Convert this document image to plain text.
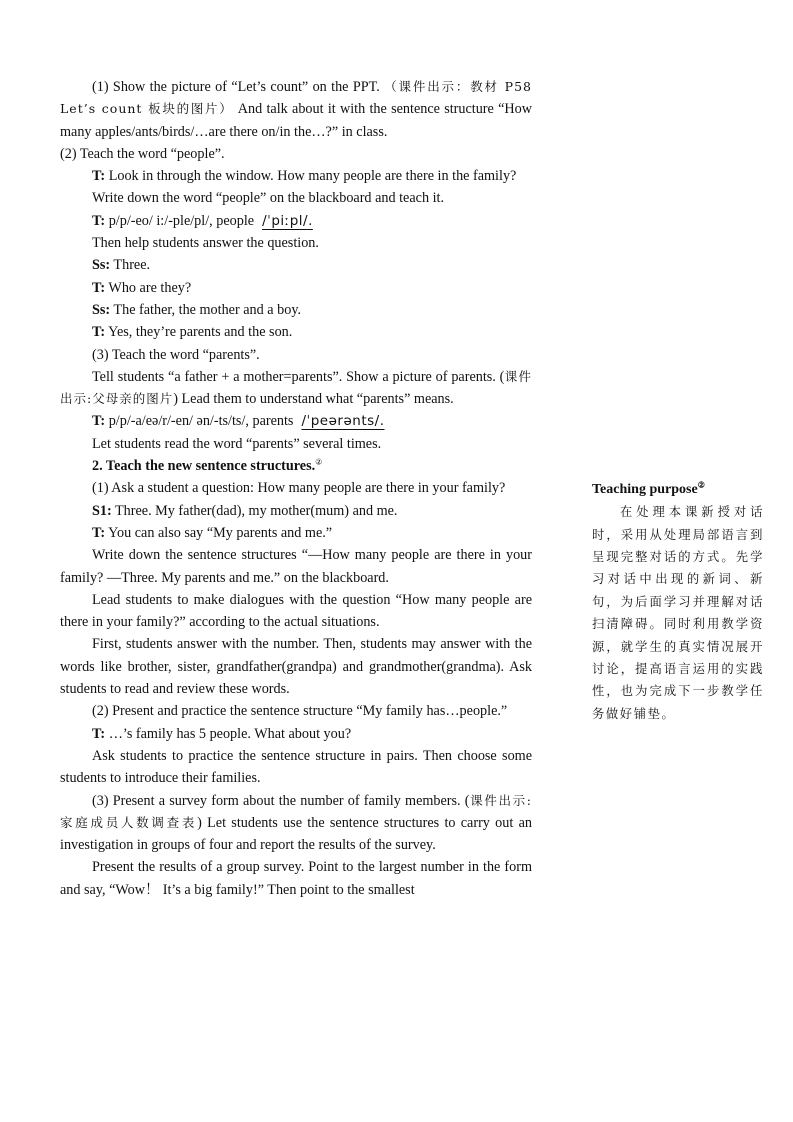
(1) Show the picture of “Let’s count” on the PPT. （课件出示：教材 P58 Let’s count 板块的图片） And talk about it with the sentence structure “How many apples/ants/birds/…are there on/in the…?” in class.

(2) Teach the word “people”.

T: Look in through the window. How many people are there in the family?

Write down the word “people” on the blackboard and teach it.

T: p/p/-eo/ i:/-ple/pl/, people /ˈpiːpl/.

Then help students answer the question.

Ss: Three.

T: Who are they?

Ss: The father, the mother and a boy.

T: Yes, they’re parents and the son.

(3) Teach the word “parents”.

Tell students “a father + a mother=parents”. Show a picture of parents. (课件出示:父母亲的图片) Lead them to understand what “parents” means.

T: p/p/-a/eə/r/-en/ ən/-ts/ts/, parents /ˈpeərənts/.

Let students read the word “parents” several times.

2. Teach the new sentence structures.②

(1) Ask a student a question: How many people are there in your family?

S1: Three. My father(dad), my mother(mum) and me.

T: You can also say “My parents and me.”

Write down the sentence structures “—How many people are there in your family? —Three. My parents and me.” on the blackboard.

Lead students to make dialogues with the question “How many people are there in your family?” according to the actual situations.

First, students answer with the number. Then, students may answer with the words like brother, sister, grandfather(grandpa) and grandmother(grandma). Ask students to read and review these words.

(2) Present and practice the sentence structure “My family has…people.”

T: …’s family has 5 people. What about you?

Ask students to practice the sentence structure in pairs. Then choose some students to introduce their families.

(3) Present a survey form about the number of family members. (课件出示:家庭成员人数调查表) Let students use the sentence structures to carry out an investigation in groups of four and report the results of the survey.

Present the results of a group survey. Point to the largest number in the form and say, “Wow！ It’s a big family!” Then point to the smallest

Teaching purpose②

在处理本课新授对话时，采用从处理局部语言到呈现完整对话的方式。先学习对话中出现的新词、新句，为后面学习并理解对话扫清障碍。同时利用教学资源，就学生的真实情况展开讨论，提高语言运用的实践性，也为完成下一步教学任务做好铺垫。
